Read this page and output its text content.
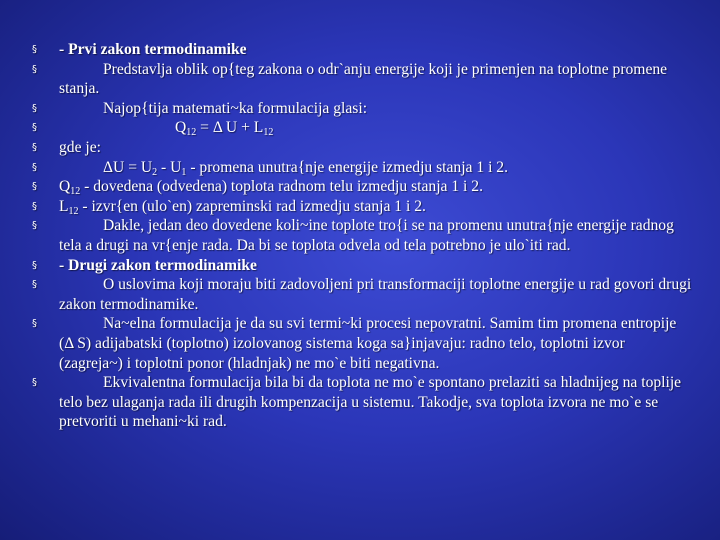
§ - Prvi zakon termodinamike
§	Predstavlja oblik op{teg zakona o odr`anju energije koji je primenjen na toplotne promene stanja.
§	Najop{tija matemati~ka formulacija glasi:
§	$Q_{12} = \Delta$ $U + L_{12}$
§ gde je:
§	$\Delta U = U_2 - U_1$ - promena unutra{nje energije izmedju stanja 1 i 2.
§ $Q_{12}$ - dovedena (odvedena) toplota radnom telu izmedju stanja 1 i 2.
§ $L_{12}$ - izvr{en (ulo`en) zapreminski rad izmedju stanja 1 i 2.
§	Dakle, jedan deo dovedene koli~ine toplote tro{i se na promenu unutra{nje energije radnog tela a drugi na vr{enje rada. Da bi se toplota odvela od tela potrebno je ulo`iti rad.
§ - Drugi zakon termodinamike
§	O uslovima koji moraju biti zadovoljeni pri transformaciji toplotne energije u rad govori drugi zakon termodinamike.
§	Na~elna formulacija je da su svi termi~ki procesi nepovratni. Samim tim promena entropije (Δ S) adijabatski (toplotno) izolovanog sistema koga sa}injavaju: radno telo, toplotni izvor (zagreja~) i toplotni ponor (hladnjak) ne mo`e biti negativna.
§	Ekvivalentna formulacija bila bi da toplota ne mo`e spontano prelaziti sa hladnijeg na toplije telo bez ulaganja rada ili drugih kompenzacija u sistemu. Takodje, sva toplota izvora ne mo`e se pretvoriti u mehani~ki rad.
